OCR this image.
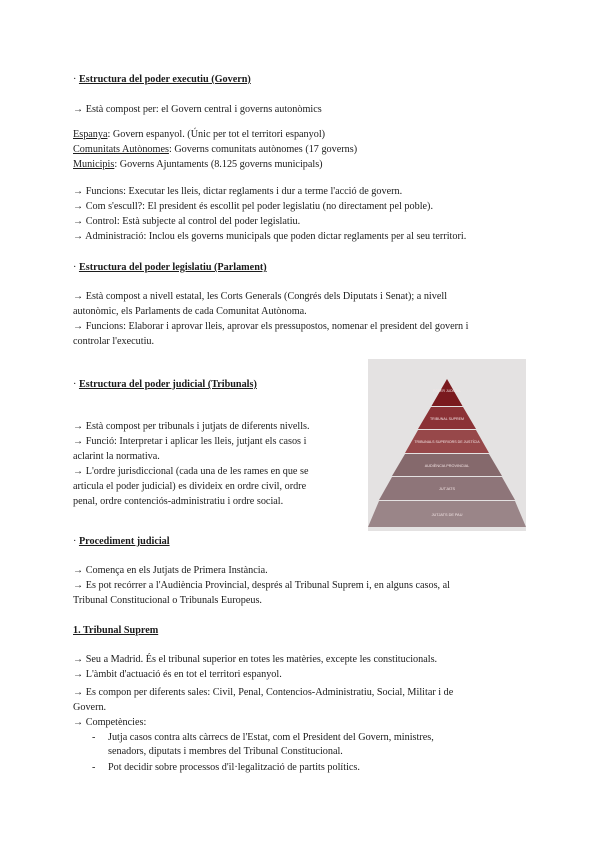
· Estructura del poder executiu (Govern)
→ Està compost per: el Govern central i governs autonòmics
Espanya: Govern espanyol. (Únic per tot el territori espanyol)
Comunitats Autònomes: Governs comunitats autònomes (17 governs)
Municipis: Governs Ajuntaments (8.125 governs municipals)
→ Funcions: Executar les lleis, dictar reglaments i dur a terme l'acció de govern.
→ Com s'escull?: El president és escollit pel poder legislatiu (no directament pel poble).
→ Control: Està subjecte al control del poder legislatiu.
→ Administració: Inclou els governs municipals que poden dictar reglaments per al seu territori.
· Estructura del poder legislatiu (Parlament)
→ Està compost a nivell estatal, les Corts Generals (Congrés dels Diputats i Senat); a nivell
autonòmic, els Parlaments de cada Comunitat Autònoma.
→ Funcions: Elaborar i aprovar lleis, aprovar els pressupostos, nomenar el president del govern i
controlar l'executiu.
· Estructura del poder judicial (Tribunals)
→ Està compost per tribunals i jutjats de diferents nivells.
→ Funció: Interpretar i aplicar les lleis, jutjant els casos i
aclarint la normativa.
→ L'ordre jurisdiccional (cada una de les rames en que se
articula el poder judicial) es divideix en ordre civil, ordre
penal, ordre contenciós-administratiu i ordre social.
PODER JUDICIAL
TRIBUNAL SUPREM
TRIBUNALS SUPERIORS DE JUSTÍCIA
AUDIÈNCIA PROVINCIAL
JUTJATS
JUTJATS DE PAU
· Procediment judicial
→ Comença en els Jutjats de Primera Instància.
→ Es pot recórrer a l'Audiència Provincial, després al Tribunal Suprem i, en alguns casos, al
Tribunal Constitucional o Tribunals Europeus.
1. Tribunal Suprem
→ Seu a Madrid. És el tribunal superior en totes les matèries, excepte les constitucionals.
→ L'àmbit d'actuació és en tot el territori espanyol.
→ Es compon per diferents sales: Civil, Penal, Contencios-Administratiu, Social, Militar i de
Govern.
→ Competències:
- Jutja casos contra alts càrrecs de l'Estat, com el President del Govern, ministres,
senadors, diputats i membres del Tribunal Constitucional.
- Pot decidir sobre processos d'il·legalització de partits polítics.
